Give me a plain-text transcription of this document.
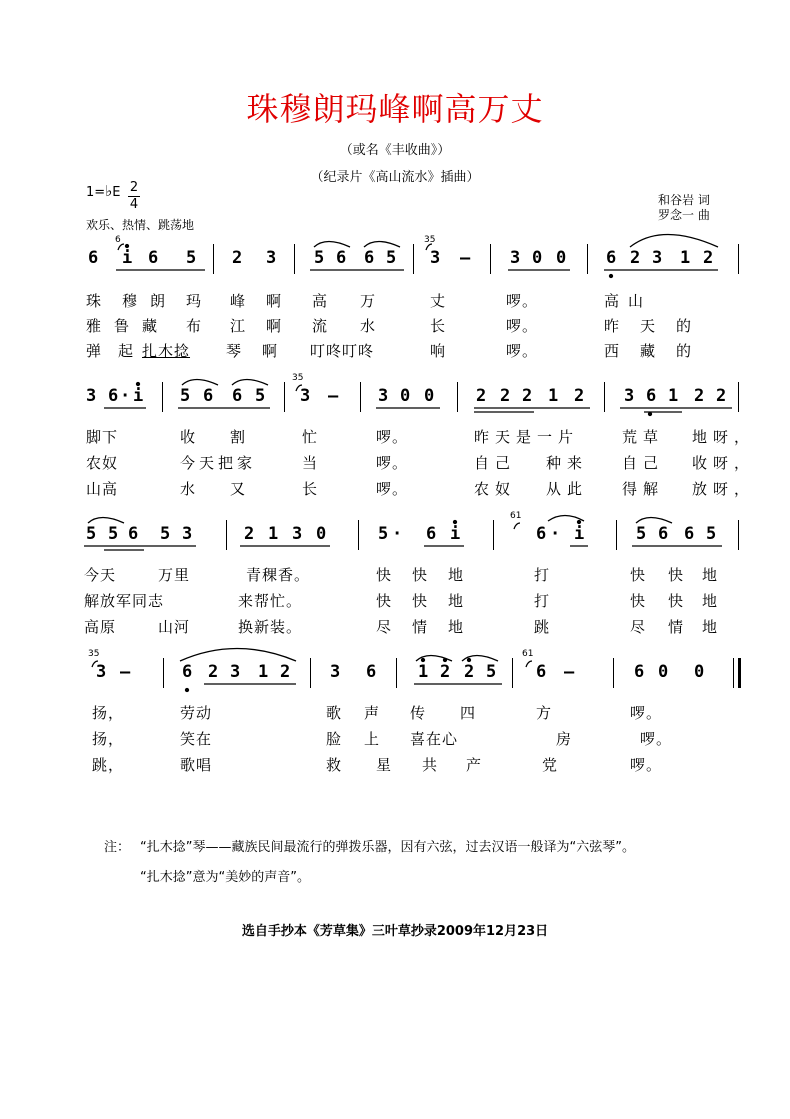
珠穆朗玛峰啊高万丈
（或名《丰收曲》）
（纪录片《高山流水》插曲）
1=♭E 2
4
欢乐、热情、跳荡地
和谷岩 词
罗念一 曲
6	35
6 i 6 5 2 3 5 6 6 5 3 – 3 0 0 6 2 3 1 2
珠 穆 朗 玛 峰 啊 高 万	丈	啰。	高 山
雅 鲁 藏 布 江 啊 流 水	长	啰。	昨 天 的
弹 起 扎木捻 琴 啊 叮咚叮咚	响	啰。	西 藏 的
35
3 6 · i 5 6 6 5 3 – 3 0 0 2 2 2 1 2 3 6 1 2 2
脚下	收 割	忙	啰。	昨天是一片	荒草 地呀，
农奴	今天把家	当	啰。	自己 种来 自己 收呀，
山高	水 又	长	啰。	农奴 从此 得解 放呀，
61
5 5 6 5 3	2 1 3 0	5 · 6 i	6 · i	5 6 6 5
今天	万里	青稞香。	快 快 地	打	快 快 地
解放军同志	来帮忙。	快 快 地	打	快 快 地
高原	山河	换新装。	尽 情 地	跳	尽 情 地
35	61
3 –	6 2 3 1 2 3 6 1 2 2 5 6 –	6 0 0
扬，	劳动	歌 声 传 四	方	啰。
扬，	笑在	脸 上 喜在心	房	啰。
跳，	歌唱	救 星 共 产	党	啰。
注： “扎木捻”琴——藏族民间最流行的弹拨乐器，因有六弦，过去汉语一般译为“六弦琴”。
“扎木捻”意为“美妙的声音”。
选自手抄本《芳草集》三叶草抄录2009年12月23日
